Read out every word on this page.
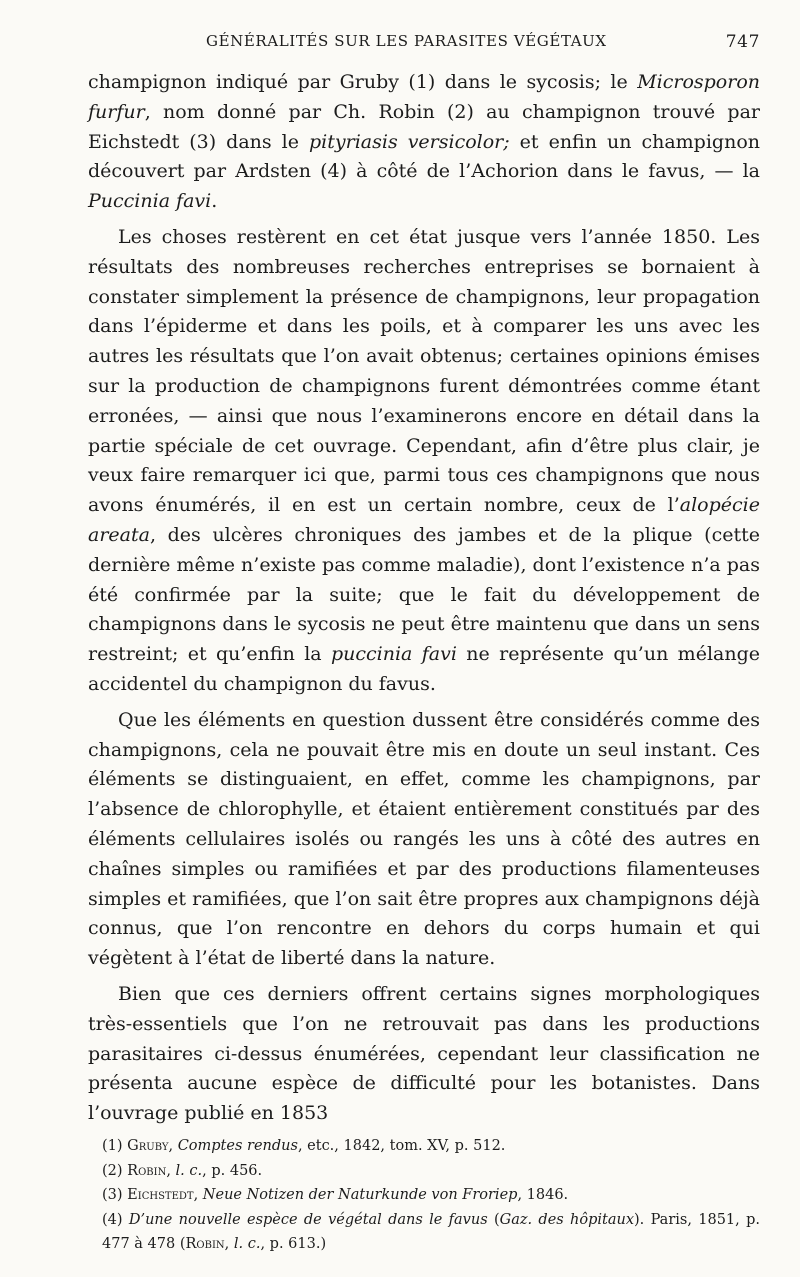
GÉNÉRALITÉS SUR LES PARASITES VÉGÉTAUX	747

champignon indiqué par Gruby (1) dans le sycosis; le Microsporon furfur, nom donné par Ch. Robin (2) au champignon trouvé par Eichstedt (3) dans le pityriasis versicolor; et enfin un champignon découvert par Ardsten (4) à côté de l’Achorion dans le favus, — la Puccinia favi.

Les choses restèrent en cet état jusque vers l’année 1850. Les résultats des nombreuses recherches entreprises se bornaient à constater simplement la présence de champignons, leur propagation dans l’épiderme et dans les poils, et à comparer les uns avec les autres les résultats que l’on avait obtenus; certaines opinions émises sur la production de champignons furent démontrées comme étant erronées, — ainsi que nous l’examinerons encore en détail dans la partie spéciale de cet ouvrage. Cependant, afin d’être plus clair, je veux faire remarquer ici que, parmi tous ces champignons que nous avons énumérés, il en est un certain nombre, ceux de l’alopécie areata, des ulcères chroniques des jambes et de la plique (cette dernière même n’existe pas comme maladie), dont l’existence n’a pas été confirmée par la suite; que le fait du développement de champignons dans le sycosis ne peut être maintenu que dans un sens restreint; et qu’enfin la puccinia favi ne représente qu’un mélange accidentel du champignon du favus.

Que les éléments en question dussent être considérés comme des champignons, cela ne pouvait être mis en doute un seul instant. Ces éléments se distinguaient, en effet, comme les champignons, par l’absence de chlorophylle, et étaient entièrement constitués par des éléments cellulaires isolés ou rangés les uns à côté des autres en chaînes simples ou ramifiées et par des productions filamenteuses simples et ramifiées, que l’on sait être propres aux champignons déjà connus, que l’on rencontre en dehors du corps humain et qui végètent à l’état de liberté dans la nature.

Bien que ces derniers offrent certains signes morphologiques très-essentiels que l’on ne retrouvait pas dans les productions parasitaires ci-dessus énumérées, cependant leur classification ne présenta aucune espèce de difficulté pour les botanistes. Dans l’ouvrage publié en 1853

(1) Gruby, Comptes rendus, etc., 1842, tom. XV, p. 512.

(2) Robin, l. c., p. 456.

(3) Eichstedt, Neue Notizen der Naturkunde von Froriep, 1846.

(4) D’une nouvelle espèce de végétal dans le favus (Gaz. des hôpitaux). Paris, 1851, p. 477 à 478 (Robin, l. c., p. 613.)
